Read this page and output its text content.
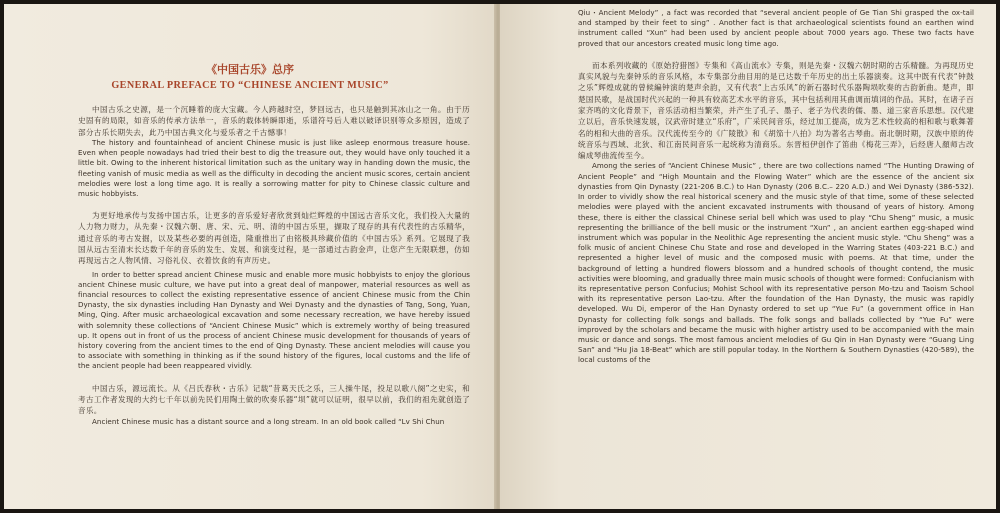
《中国古乐》总序
GENERAL PREFACE TO “CHINESE ANCIENT MUSIC”

中国古乐之史源，是一个沉睡着的庞大宝藏。今人跨越时空，梦回远古，也只是触到其冰山之一角。由于历史固有的局限，如音乐的传承方法单一，音乐的载体转瞬即逝，乐谱符号后人难以破译识别等众多原因，造成了部分古乐长期失去，此乃中国古典文化与爱乐者之千古憾事！

The history and fountainhead of ancient Chinese music is just like asleep enormous treasure house. Even when people nowadays had tried their best to dig the treasure out, they would have only touched it a little bit. Owing to the inherent historical limitation such as the unitary way in handing down the music, the fleeting vanish of music media as well as the difficulty in decoding the ancient music scores, certain ancient melodies were lost a long time ago. It is really a sorrowing matter for pity to Chinese classic culture and music hobbyists.

为更好地承传与发扬中国古乐，让更多的音乐爱好者欣赏到灿烂辉煌的中国远古音乐文化，我们投入大量的人力物力财力，从先秦・汉魏六朝、唐、宋、元、明、清的中国古乐里，撷取了现存的具有代表性的古乐精华，通过音乐的考古发掘，以及某些必要的再创造，隆重推出了由铭极具珍藏价值的《中国古乐》系列。它展现了我国从远古至清末长达数千年的音乐的发生、发展、和演变过程，是一部通过古韵金声，让您产生无限联想，仿如再现远古之人物风情、习俗礼仪、衣着饮食的有声历史。

In order to better spread ancient Chinese music and enable more music hobbyists to enjoy the glorious ancient Chinese music culture, we have put into a great deal of manpower, material resources as well as financial resources to collect the existing representative essence of ancient Chinese music from the Chin Dynasty, the six dynasties including Han Dynasty and Wei Dynasty and the dynasties of Tang, Song, Yuan, Ming, Qing. After music archaeological excavation and some necessary recreation, we have hereby issued with solemnity these collections of “Ancient Chinese Music” which is extremely worthy of being treasured up. It opens out in front of us the process of ancient Chinese music development for thousands of years of history covering from the ancient times to the end of Qing Dynasty. These ancient melodies will cause you to associate with something in thinking as if the sound history of the figures, local customs and the life of the ancient people had been reappeared vividly.

中国古乐，源远流长。从《吕氏春秋・古乐》记载“昔葛天氏之乐，三人操牛尾，投足以歌八阕”之史实，和考古工作者发现的大约七千年以前先民们用陶土做的吹奏乐器“埙”就可以证明，很早以前，我们的祖先就创造了音乐。

Ancient Chinese music has a distant source and a long stream. In an old book called “Lv Shi Chun

Qiu・Ancient Melody” , a fact was recorded that “several ancient people of Ge Tian Shi grasped the ox-tail and stamped by their feet to sing” . Another fact is that archaeological scientists found an earthen wind instrument called “Xun” had been used by ancient people about 7000 years ago. These two facts have proved that our ancestors created music long time ago.

而本系列收藏的《原始狩猎图》专集和《高山流水》专集，则是先秦・汉魏六朝时期的古乐精髓。为再现历史真实风貌与先秦钟乐的音乐风格，本专集部分曲目用的是已达数千年历史的出土乐器演奏。这其中既有代表“钟鼓之乐”辉煌成就的曾候編钟演的楚声余韵，又有代表“上古乐风”的新石器时代乐器陶埙吹奏的古韵新曲。楚声，即楚国民歌，是战国时代兴起的一种具有较高艺术水平的音乐，其中包括利用其曲调而填词的作品。其时，在诸子百家齐鸣的文化背景下，音乐活动相当繁荣，并产生了孔子、墨子、老子为代表的儒、墨、道三家音乐思想。汉代建立以后，音乐快速发展，汉武帝时建立“乐府”，广采民间音乐，经过加工提高，成为艺术性较高的相和歌与歌舞著名的相和大曲的音乐。汉代流传至今的《广陵散》和《胡笳十八拍》均为著名古琴曲。南北朝时期，汉族中原的传统音乐与西域、北狄、和江南民间音乐一起统称为清商乐。东晋桓伊创作了笛曲《梅花三弄》，后经唐人顏师古改编成琴曲流传至今。

Among the series of “Ancient Chinese Music” , there are two collections named “The Hunting Drawing of Ancient People” and “High Mountain and the Flowing Water” which are the essence of the ancient six dynasties from Qin Dynasty (221-206 B.C.) to Han Dynasty (206 B.C.– 220 A.D.) and Wei Dynasty (386-532). In order to vividly show the real historical scenery and the music style of that time, some of these selected melodies were played with the ancient excavated instruments with thousand of years of history. Among these, there is either the classical Chinese serial bell which was used to play “Chu Sheng” music, a music representing the brilliance of the bell music or the instrument “Xun” , an ancient earthen egg-shaped wind instrument which was popular in the Neolithic Age representing the ancient music style. “Chu Sheng” was a folk music of ancient Chinese Chu State and rose and developed in the Warring States (403-221 B.C.) and represented a higher level of music and the composed music with poems. At that time, under the background of letting a hundred flowers blossom and a hundred schools of thought contend, the music activities were blooming, and gradually three main music schools of thought were formed: Confucianism with its representative person Confucius; Mohist School with its representative person Mo-tzu and Taoism School with its representative person Lao-tzu. After the foundation of the Han Dynasty, the music was rapidly developed. Wu Di, emperor of the Han Dynasty ordered to set up “Yue Fu” (a government office in Han Dynasty for collecting folk songs and ballads. The folk songs and ballads collected by “Yue Fu” were improved by the scholars and became the music with higher artistry used to be accompanied with the main music or dance and songs. The most famous ancient melodies of Gu Qin in Han Dynasty were “Guang Ling San” and “Hu Jia 18-Beat” which are still popular today. In the Northern & Southern Dynasties (420-589), the local customs of the
